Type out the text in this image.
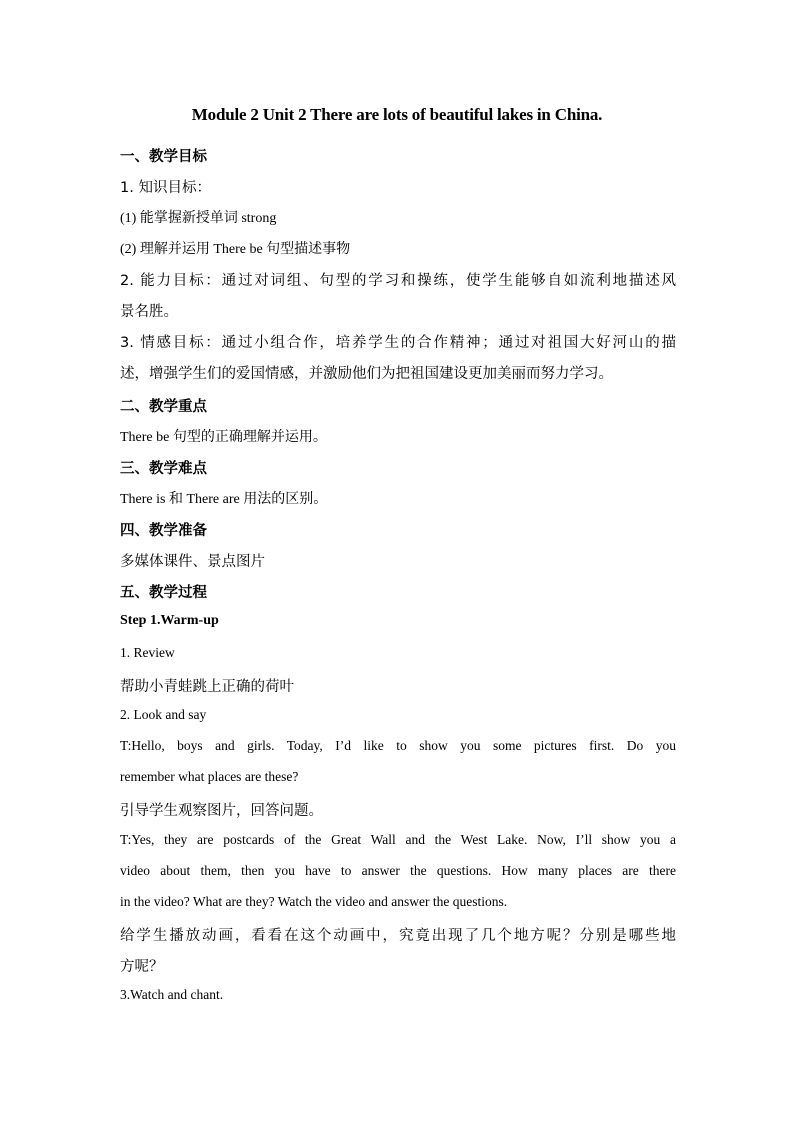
Module 2 Unit 2 There are lots of beautiful lakes in China.
一、教学目标
1. 知识目标：
(1) 能掌握新授单词 strong
(2) 理解并运用 There be 句型描述事物
2. 能力目标：通过对词组、句型的学习和操练，使学生能够自如流利地描述风
景名胜。
3. 情感目标：通过小组合作，培养学生的合作精神；通过对祖国大好河山的描
述，增强学生们的爱国情感，并激励他们为把祖国建设更加美丽而努力学习。
二、教学重点
There be 句型的正确理解并运用。
三、教学难点
There is 和 There are 用法的区别。
四、教学准备
多媒体课件、景点图片
五、教学过程
Step 1.Warm-up
1. Review
帮助小青蛙跳上正确的荷叶
2. Look and say
T:Hello, boys and girls. Today, I’d like to show you some pictures first. Do you
remember what places are these?
引导学生观察图片，回答问题。
T:Yes, they are postcards of the Great Wall and the West Lake. Now, I’ll show you a
video about them, then you have to answer the questions. How many places are there
in the video? What are they? Watch the video and answer the questions.
给学生播放动画，看看在这个动画中，究竟出现了几个地方呢？分别是哪些地
方呢？
3.Watch and chant.
